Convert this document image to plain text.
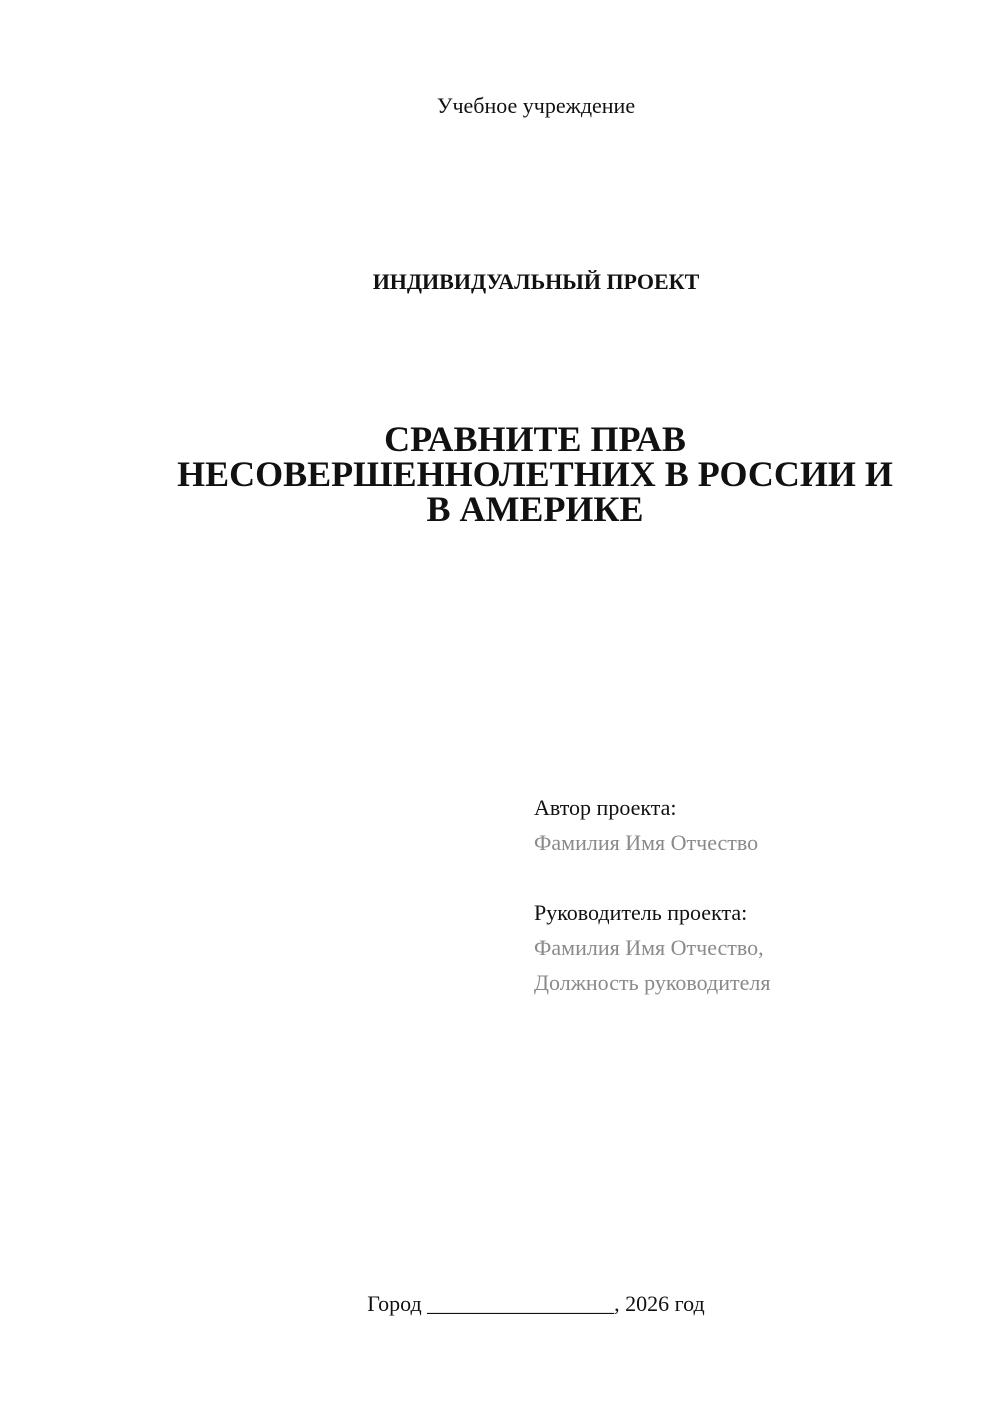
Учебное учреждение
ИНДИВИДУАЛЬНЫЙ ПРОЕКТ
СРАВНИТЕ ПРАВ
НЕСОВЕРШЕННОЛЕТНИХ В РОССИИ И
В АМЕРИКЕ
Автор проекта:
Фамилия Имя Отчество
Руководитель проекта:
Фамилия Имя Отчество,
Должность руководителя
Город _________________, 2026 год
